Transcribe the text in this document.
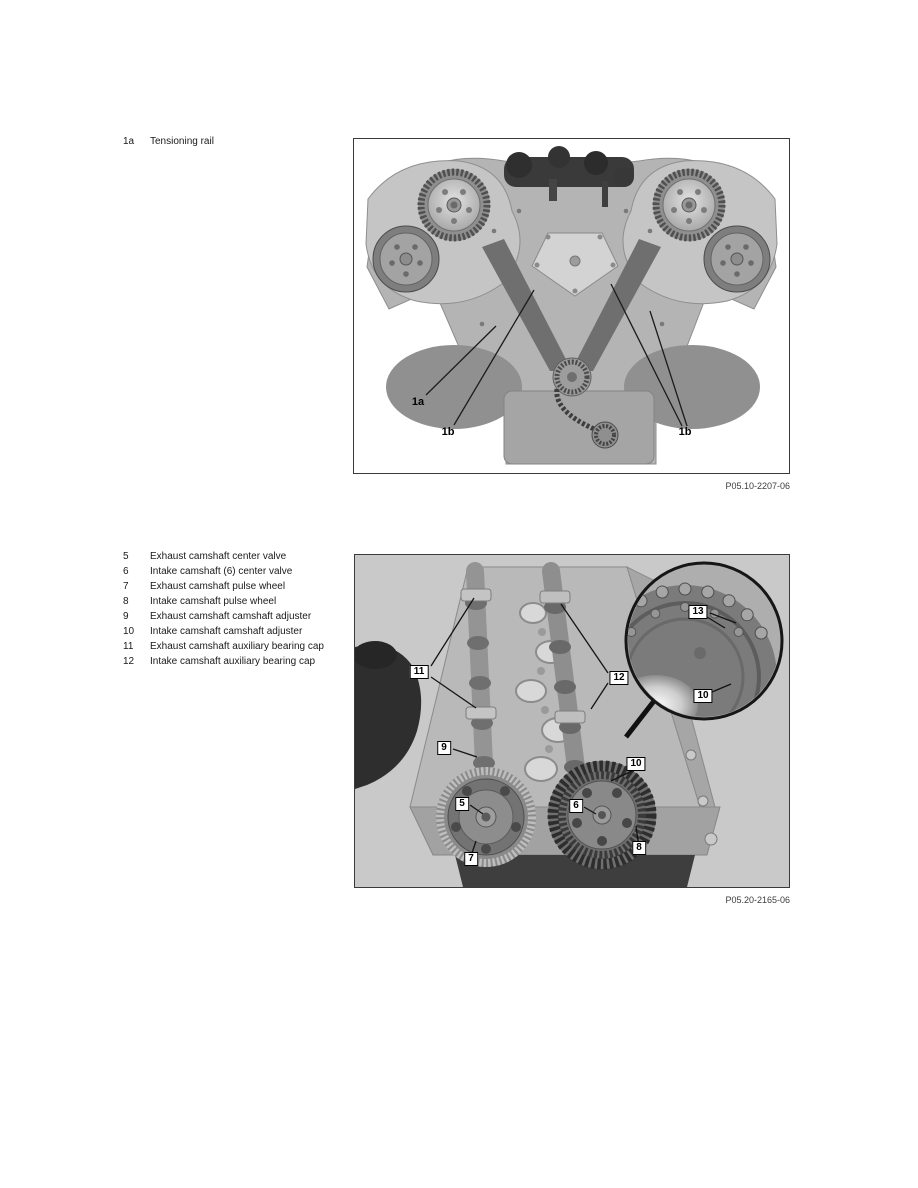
1a	Tensioning rail
1a
1b	1b
P05.10-2207-06
5	Exhaust camshaft center valve
6	Intake camshaft (6) center valve
7	Exhaust camshaft pulse wheel
8	Intake camshaft pulse wheel
9	Exhaust camshaft camshaft adjuster
10	Intake camshaft camshaft adjuster
11	Exhaust camshaft auxiliary bearing cap
12	Intake camshaft auxiliary bearing cap
11
12
13
10
9
10
5	6
7
8
P05.20-2165-06
